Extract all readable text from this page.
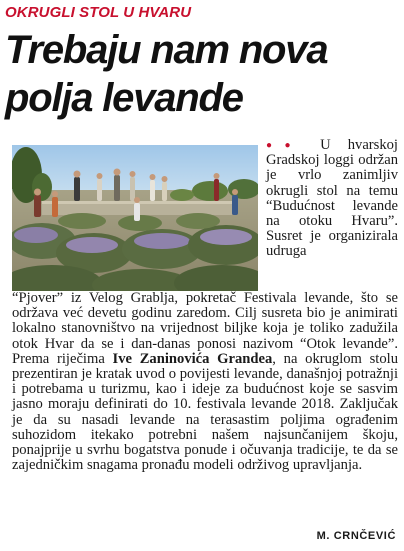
OKRUGLI STOL U HVARU
Trebaju nam nova
polja levande
●● U hvarskoj Gradskoj loggi održan je vrlo zanimljiv okrugli stol na temu “Budućnost levande na otoku Hvaru”. Susret je organizirala udruga
“Pjover” iz Velog Grablja, pokretač Festivala levande, što se održava već devetu godinu zaredom. Cilj susreta bio je animirati lokalno stanovništvo na vrijednost biljke koja je toliko zadužila otok Hvar da se i dan-danas ponosi nazivom “Otok levande”. Prema riječima Ive Zaninovića Grandea, na okruglom stolu prezentiran je kratak uvod o povijesti levande, današnjoj potražnji i potrebama u turizmu, kao i ideje za budućnost koje se sasvim jasno moraju definirati do 10. festivala levande 2018. Zaključak je da su nasadi levande na terasastim poljima ograđenim suhozidom itekako potrebni našem najsunčanijem škoju, ponajprije u svrhu bogatstva ponude i očuvanja tradicije, te da se zajedničkim snagama pronađu modeli održivog upravljanja.
M. CRNČEVIĆ
